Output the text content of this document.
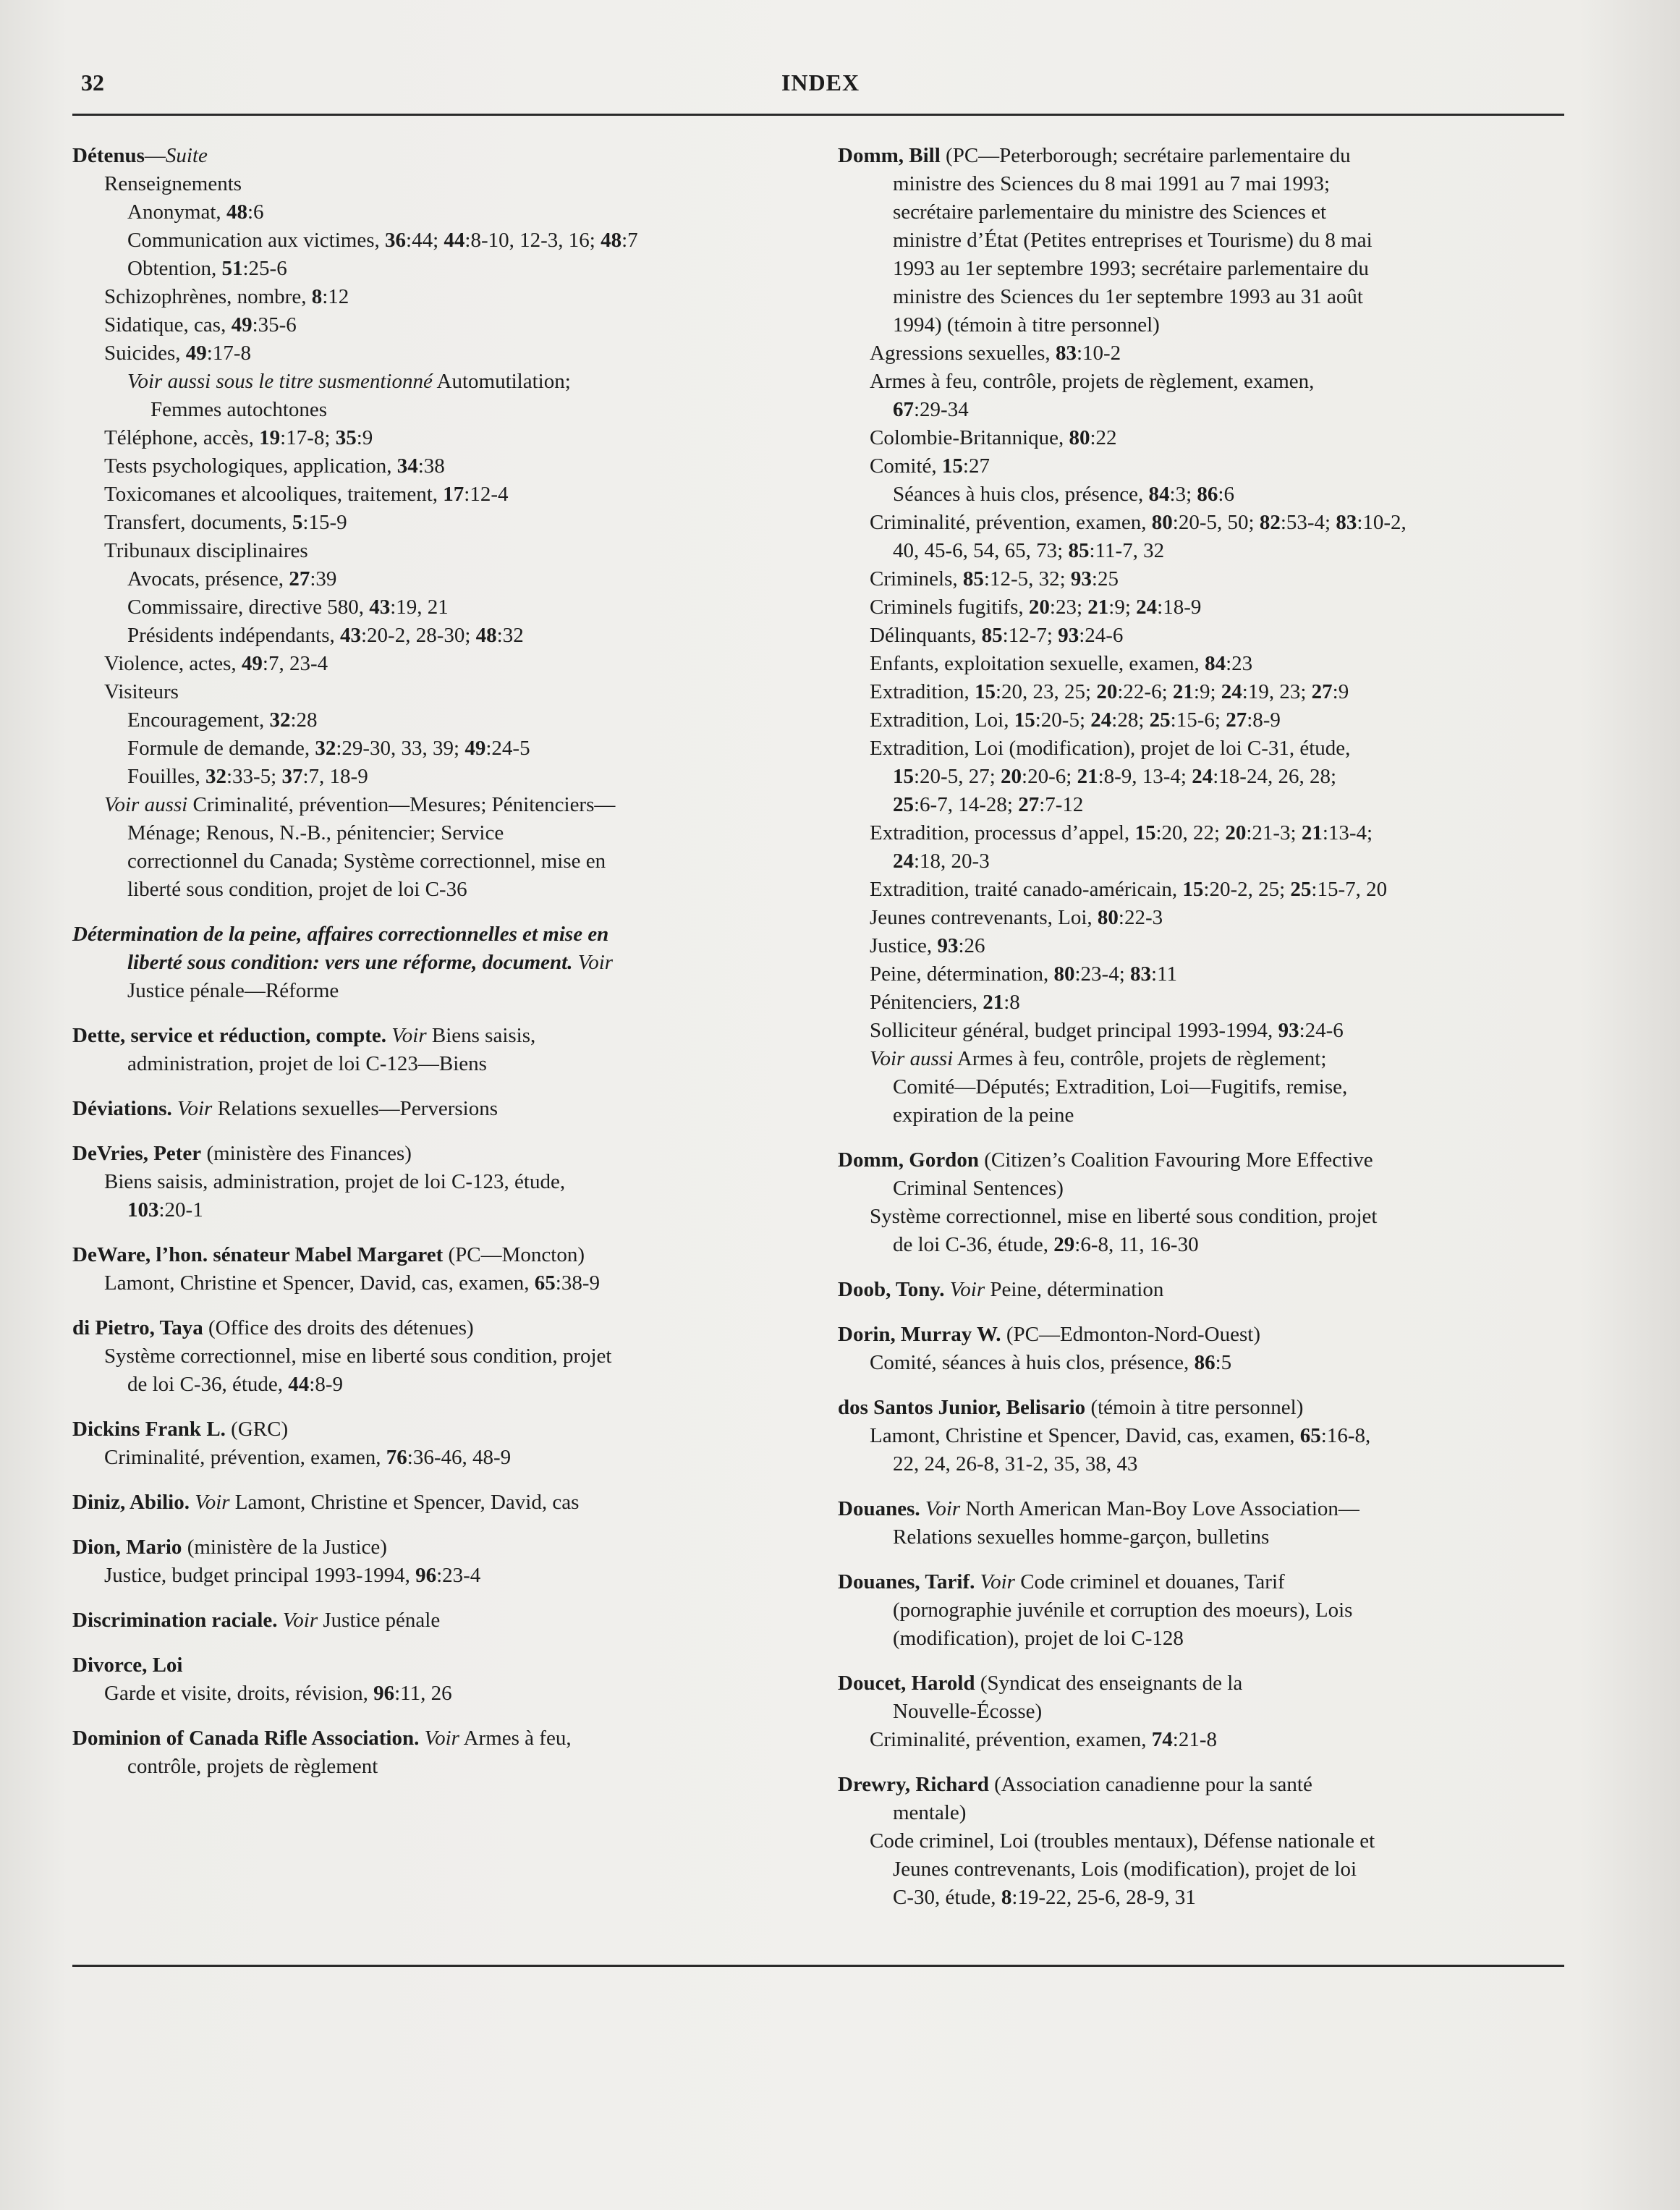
32	INDEX
Détenus—Suite
Renseignements
Anonymat, 48:6
Communication aux victimes, 36:44; 44:8-10, 12-3, 16; 48:7
Obtention, 51:25-6
Schizophrènes, nombre, 8:12
Sidatique, cas, 49:35-6
Suicides, 49:17-8
Voir aussi sous le titre susmentionné Automutilation;
Femmes autochtones
Téléphone, accès, 19:17-8; 35:9
Tests psychologiques, application, 34:38
Toxicomanes et alcooliques, traitement, 17:12-4
Transfert, documents, 5:15-9
Tribunaux disciplinaires
Avocats, présence, 27:39
Commissaire, directive 580, 43:19, 21
Présidents indépendants, 43:20-2, 28-30; 48:32
Violence, actes, 49:7, 23-4
Visiteurs
Encouragement, 32:28
Formule de demande, 32:29-30, 33, 39; 49:24-5
Fouilles, 32:33-5; 37:7, 18-9
Voir aussi Criminalité, prévention—Mesures; Pénitenciers—
Ménage; Renous, N.-B., pénitencier; Service
correctionnel du Canada; Système correctionnel, mise en
liberté sous condition, projet de loi C-36
Détermination de la peine, affaires correctionnelles et mise en
liberté sous condition: vers une réforme, document. Voir
Justice pénale—Réforme
Dette, service et réduction, compte. Voir Biens saisis,
administration, projet de loi C-123—Biens
Déviations. Voir Relations sexuelles—Perversions
DeVries, Peter (ministère des Finances)
Biens saisis, administration, projet de loi C-123, étude,
103:20-1
DeWare, l’hon. sénateur Mabel Margaret (PC—Moncton)
Lamont, Christine et Spencer, David, cas, examen, 65:38-9
di Pietro, Taya (Office des droits des détenues)
Système correctionnel, mise en liberté sous condition, projet
de loi C-36, étude, 44:8-9
Dickins Frank L. (GRC)
Criminalité, prévention, examen, 76:36-46, 48-9
Diniz, Abilio. Voir Lamont, Christine et Spencer, David, cas
Dion, Mario (ministère de la Justice)
Justice, budget principal 1993-1994, 96:23-4
Discrimination raciale. Voir Justice pénale
Divorce, Loi
Garde et visite, droits, révision, 96:11, 26
Dominion of Canada Rifle Association. Voir Armes à feu,
contrôle, projets de règlement
Domm, Bill (PC—Peterborough; secrétaire parlementaire du
ministre des Sciences du 8 mai 1991 au 7 mai 1993;
secrétaire parlementaire du ministre des Sciences et
ministre d’État (Petites entreprises et Tourisme) du 8 mai
1993 au 1er septembre 1993; secrétaire parlementaire du
ministre des Sciences du 1er septembre 1993 au 31 août
1994) (témoin à titre personnel)
Agressions sexuelles, 83:10-2
Armes à feu, contrôle, projets de règlement, examen,
67:29-34
Colombie-Britannique, 80:22
Comité, 15:27
Séances à huis clos, présence, 84:3; 86:6
Criminalité, prévention, examen, 80:20-5, 50; 82:53-4; 83:10-2,
40, 45-6, 54, 65, 73; 85:11-7, 32
Criminels, 85:12-5, 32; 93:25
Criminels fugitifs, 20:23; 21:9; 24:18-9
Délinquants, 85:12-7; 93:24-6
Enfants, exploitation sexuelle, examen, 84:23
Extradition, 15:20, 23, 25; 20:22-6; 21:9; 24:19, 23; 27:9
Extradition, Loi, 15:20-5; 24:28; 25:15-6; 27:8-9
Extradition, Loi (modification), projet de loi C-31, étude,
15:20-5, 27; 20:20-6; 21:8-9, 13-4; 24:18-24, 26, 28;
25:6-7, 14-28; 27:7-12
Extradition, processus d’appel, 15:20, 22; 20:21-3; 21:13-4;
24:18, 20-3
Extradition, traité canado-américain, 15:20-2, 25; 25:15-7, 20
Jeunes contrevenants, Loi, 80:22-3
Justice, 93:26
Peine, détermination, 80:23-4; 83:11
Pénitenciers, 21:8
Solliciteur général, budget principal 1993-1994, 93:24-6
Voir aussi Armes à feu, contrôle, projets de règlement;
Comité—Députés; Extradition, Loi—Fugitifs, remise,
expiration de la peine
Domm, Gordon (Citizen’s Coalition Favouring More Effective
Criminal Sentences)
Système correctionnel, mise en liberté sous condition, projet
de loi C-36, étude, 29:6-8, 11, 16-30
Doob, Tony. Voir Peine, détermination
Dorin, Murray W. (PC—Edmonton-Nord-Ouest)
Comité, séances à huis clos, présence, 86:5
dos Santos Junior, Belisario (témoin à titre personnel)
Lamont, Christine et Spencer, David, cas, examen, 65:16-8,
22, 24, 26-8, 31-2, 35, 38, 43
Douanes. Voir North American Man-Boy Love Association—
Relations sexuelles homme-garçon, bulletins
Douanes, Tarif. Voir Code criminel et douanes, Tarif
(pornographie juvénile et corruption des moeurs), Lois
(modification), projet de loi C-128
Doucet, Harold (Syndicat des enseignants de la
Nouvelle-Écosse)
Criminalité, prévention, examen, 74:21-8
Drewry, Richard (Association canadienne pour la santé
mentale)
Code criminel, Loi (troubles mentaux), Défense nationale et
Jeunes contrevenants, Lois (modification), projet de loi
C-30, étude, 8:19-22, 25-6, 28-9, 31
